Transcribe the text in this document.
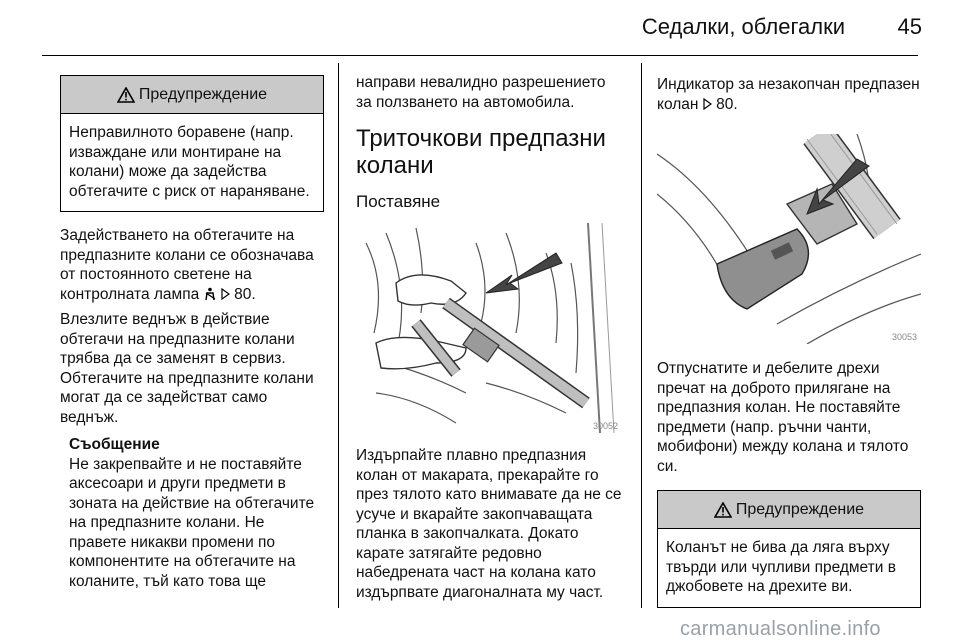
Седалки, облегалки 45
Предупреждение
Неправилното боравене (напр. изваждане или монтиране на колани) може да задейства обтегачите с риск от нараняване.

Задействането на обтегачите на предпазните колани се обозначава от постоянното светене на контролната лампа 80.

Влезлите веднъж в действие обтегачи на предпазните колани трябва да се заменят в сервиз. Обтегачите на предпазните колани могат да се задействат само веднъж.

Съобщение

Не закрепвайте и не поставяйте аксесоари и други предмети в зоната на действие на обтегачите на предпазните колани. Не правете никакви промени по компонентите на обтегачите на коланите, тъй като това ще

направи невалидно разрешението за ползването на автомобила.

Триточкови предпазни колани
Поставяне
30052

Издърпайте плавно предпазния колан от макарата, прекарайте го през тялото като внимавате да не се усуче и вкарайте закопчаващата планка в закопчалката. Докато карате затягайте редовно набедрената част на колана като издърпвате диагоналната му част.

Индикатор за незакопчан предпазен колан 80.

30053

Отпуснатите и дебелите дрехи пречат на доброто прилягане на предпазния колан. Не поставяйте предмети (напр. ръчни чанти, мобифони) между колана и тялото си.

Предупреждение
Коланът не бива да ляга върху твърди или чупливи предмети в джобовете на дрехите ви.
carmanualsonline.info
